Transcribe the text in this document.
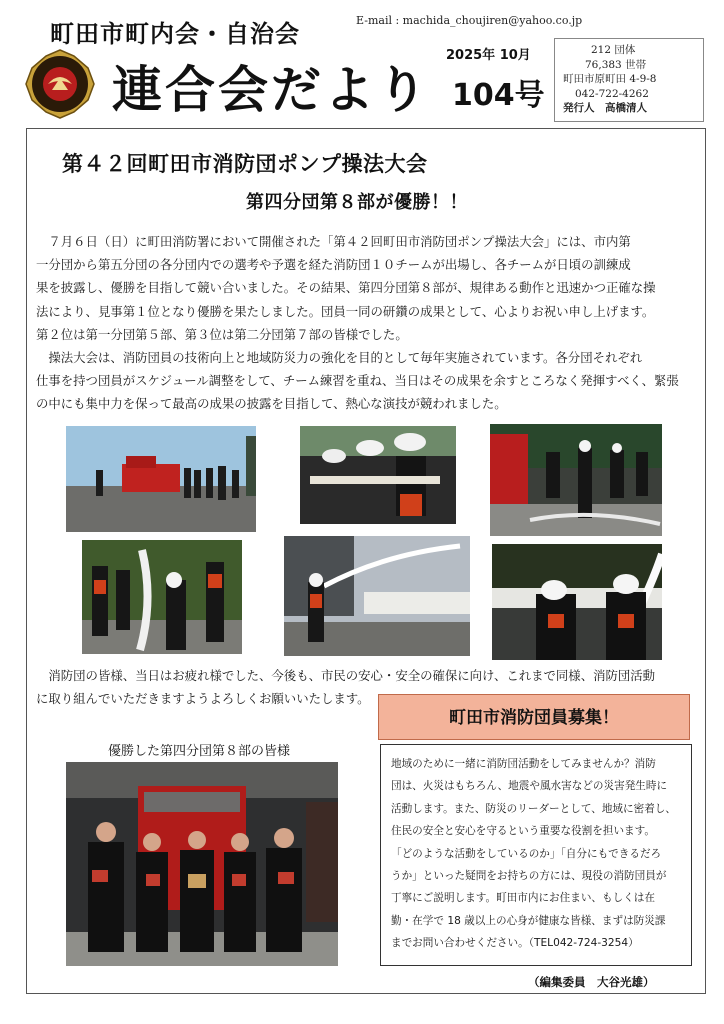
町田市町内会・自治会
連合会だより
E-mail : machida_choujiren@yahoo.co.jp
2025年 10月
104号
212 団体
76,383 世帯
町田市原町田 4-9-8
042-722-4262
発行人　高橋清人
第４２回町田市消防団ポンプ操法大会
第四分団第８部が優勝！！
　７月６日（日）に町田消防署において開催された「第４２回町田市消防団ポンプ操法大会」には、市内第
一分団から第五分団の各分団内での選考や予選を経た消防団１０チームが出場し、各チームが日頃の訓練成
果を披露し、優勝を目指して競い合いました。その結果、第四分団第８部が、規律ある動作と迅速かつ正確な操
法により、見事第１位となり優勝を果たしました。団員一同の研鑽の成果として、心よりお祝い申し上げます。
第２位は第一分団第５部、第３位は第二分団第７部の皆様でした。
　操法大会は、消防団員の技術向上と地域防災力の強化を目的として毎年実施されています。各分団それぞれ
仕事を持つ団員がスケジュール調整をして、チーム練習を重ね、当日はその成果を余すところなく発揮すべく、緊張
の中にも集中力を保って最高の成果の披露を目指して、熱心な演技が競われました。
　消防団の皆様、当日はお疲れ様でした、今後も、市民の安心・安全の確保に向け、これまで同様、消防団活動
に取り組んでいただきますようよろしくお願いいたします。
優勝した第四分団第８部の皆様
町田市消防団員募集！
地域のために一緒に消防団活動をしてみませんか？消防
団は、火災はもちろん、地震や風水害などの災害発生時に
活動します。また、防災のリーダーとして、地域に密着し、
住民の安全と安心を守るという重要な役割を担います。
「どのような活動をしているのか」「自分にもできるだろ
うか」といった疑問をお持ちの方には、現役の消防団員が
丁寧にご説明します。町田市内にお住まい、もしくは在
勤・在学で 18 歳以上の心身が健康な皆様、まずは防災課
までお問い合わせください。（TEL042-724-3254）
（編集委員　大谷光雄）
